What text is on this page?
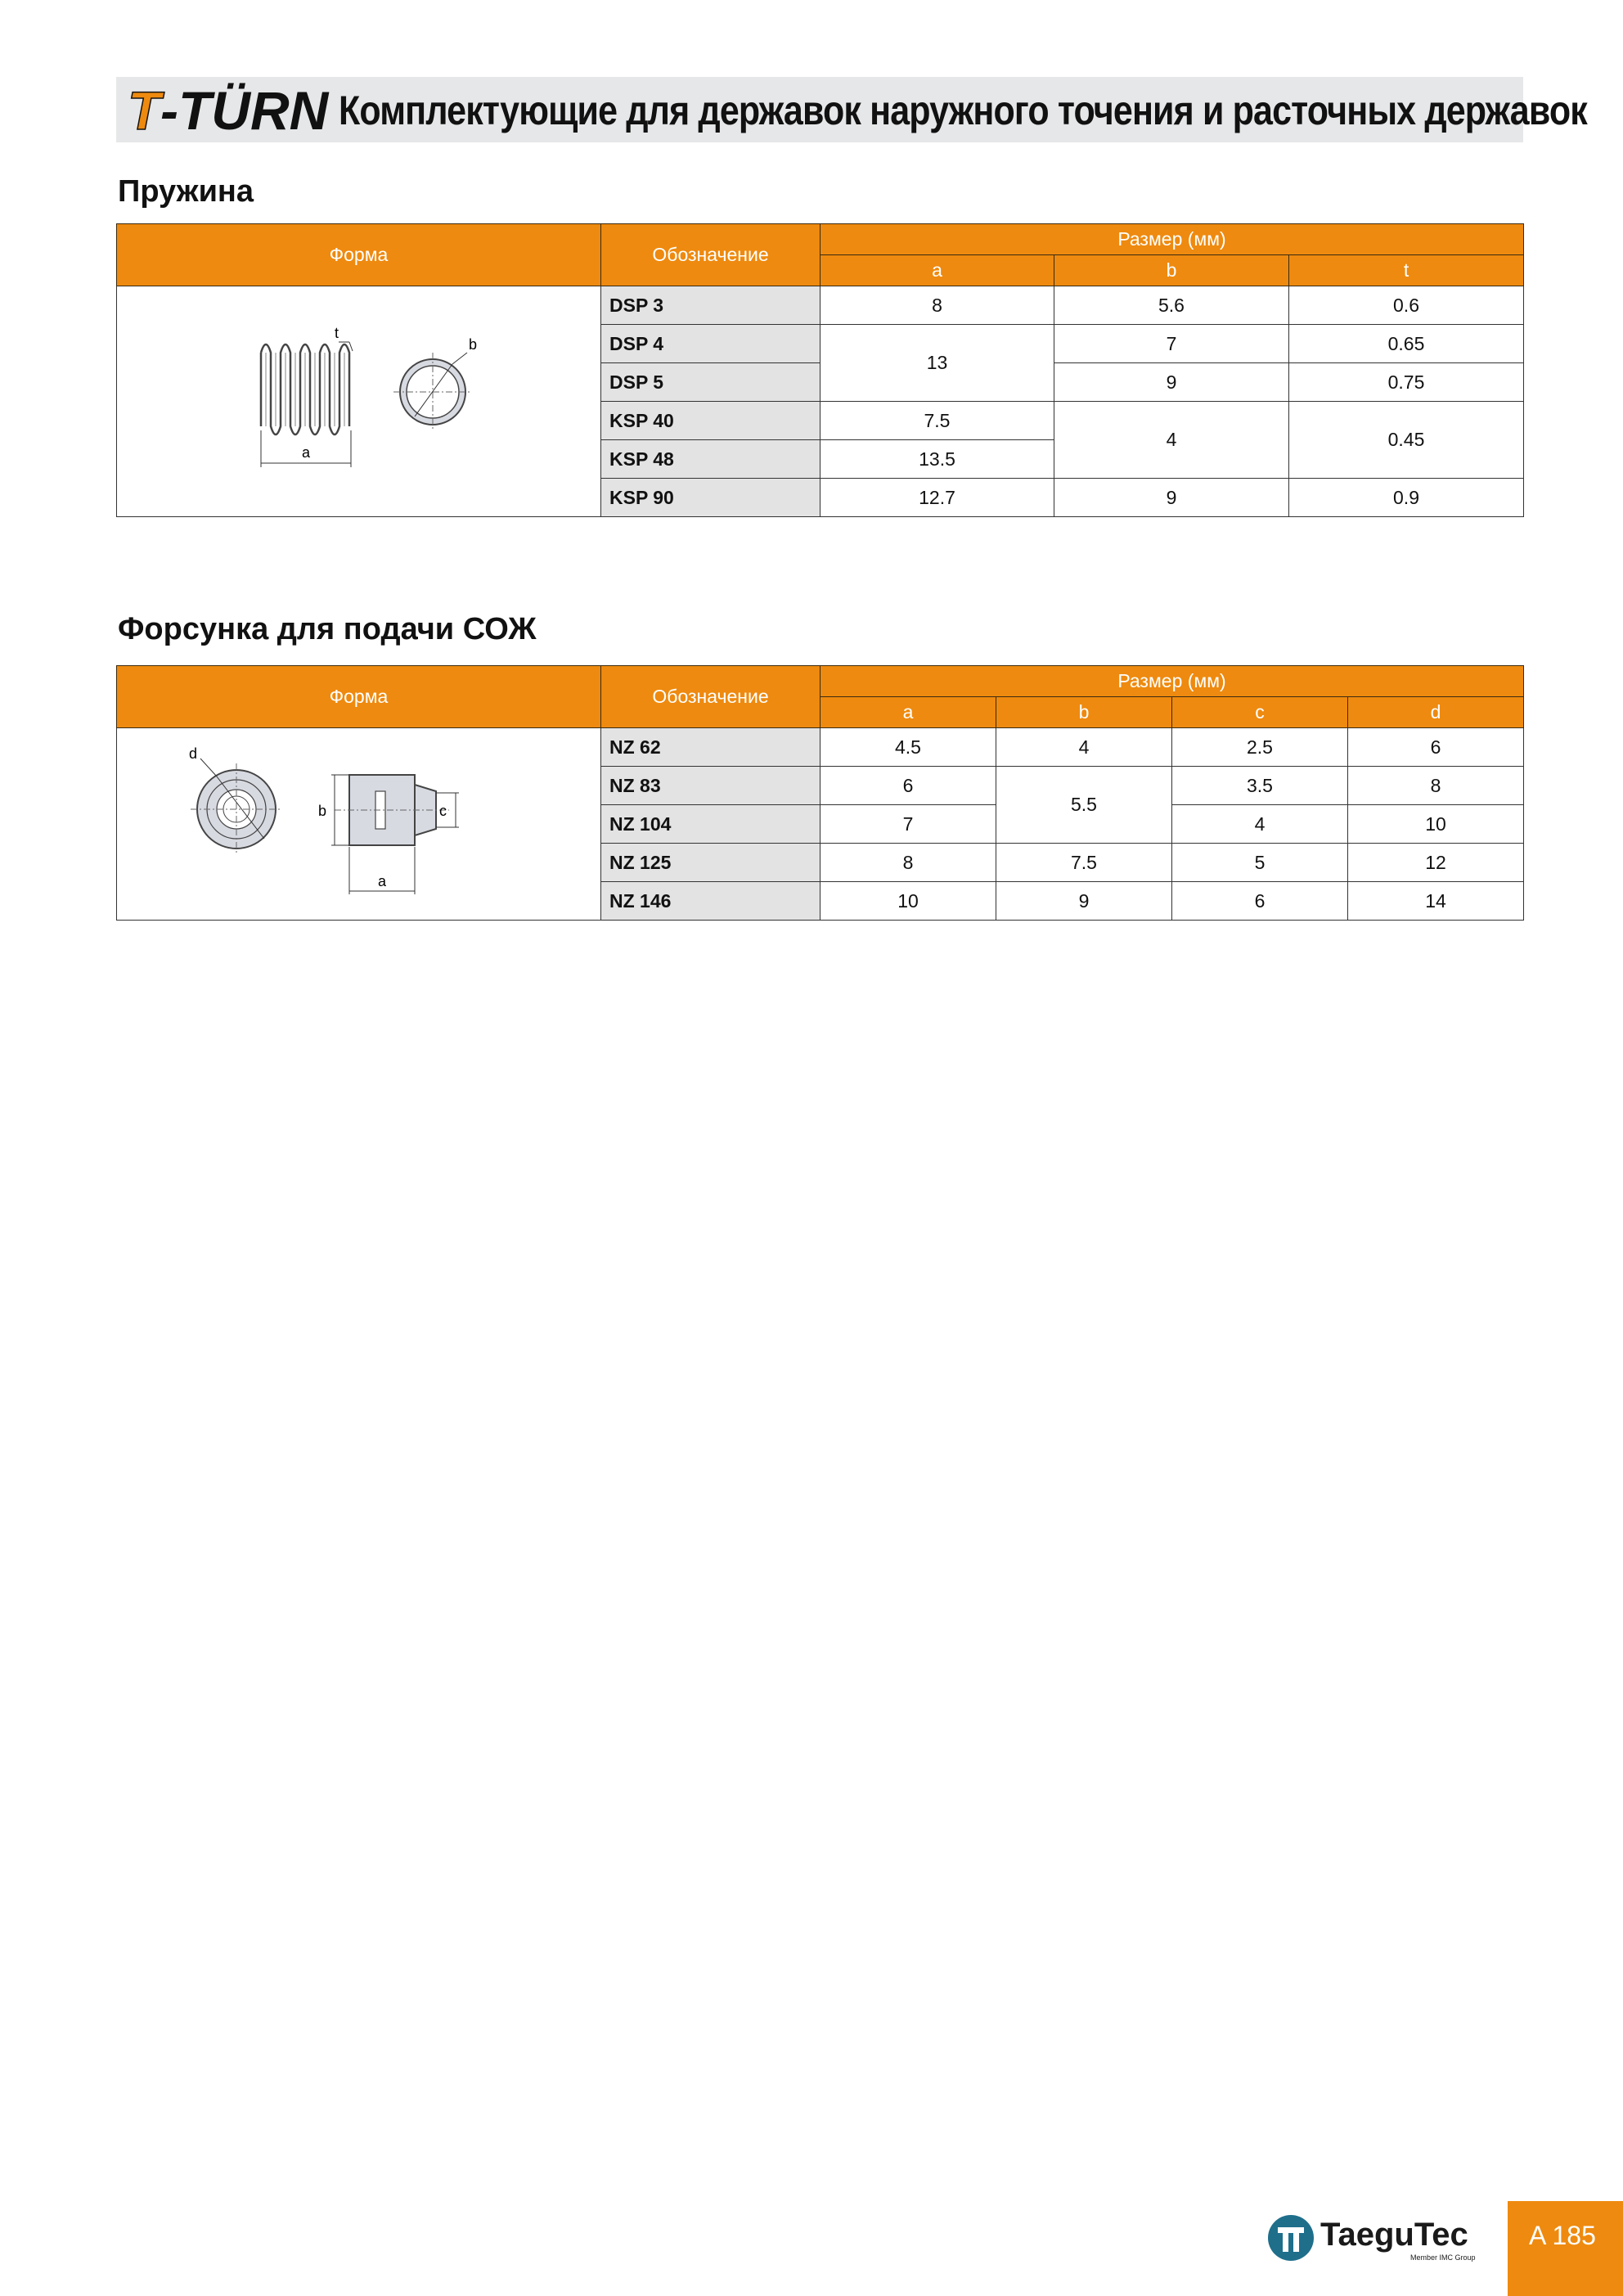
T -TÜRN Комплектующие для державок наружного точения и расточных державок
Пружина
Форма	Обозначение	Размер (мм)		
		a	b	t

a
t
b	DSP 3	8	5.6	0.6
	DSP 4	13	7	0.65
	DSP 5		9	0.75
	KSP 40	7.5	4	0.45
	KSP 48	13.5		
	KSP 90	12.7	9	0.9
Форсунка для подачи СОЖ
Форма	Обозначение	Размер (мм)			
		a	b	c	d

d
b c
a	NZ 62	4.5	4	2.5	6
	NZ 83	6	5.5	3.5	8
	NZ 104	7		4	10
	NZ 125	8	7.5	5	12
	NZ 146	10	9	6	14
TaeguTec
Member IMC Group
A 185
